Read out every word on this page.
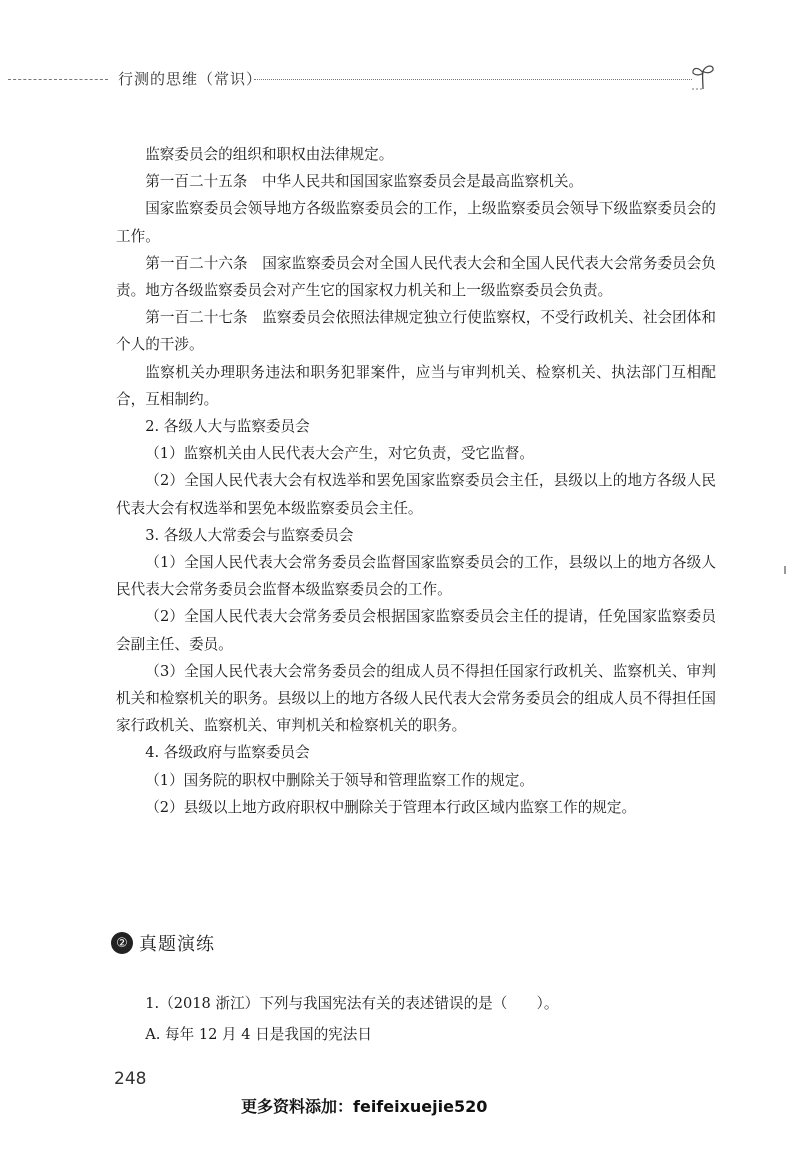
行测的思维（常识）

监察委员会的组织和职权由法律规定。

第一百二十五条　中华人民共和国国家监察委员会是最高监察机关。

国家监察委员会领导地方各级监察委员会的工作，上级监察委员会领导下级监察委员会的工作。

第一百二十六条　国家监察委员会对全国人民代表大会和全国人民代表大会常务委员会负责。地方各级监察委员会对产生它的国家权力机关和上一级监察委员会负责。

第一百二十七条　监察委员会依照法律规定独立行使监察权，不受行政机关、社会团体和个人的干涉。

监察机关办理职务违法和职务犯罪案件，应当与审判机关、检察机关、执法部门互相配合，互相制约。

2. 各级人大与监察委员会

（1）监察机关由人民代表大会产生，对它负责，受它监督。

（2）全国人民代表大会有权选举和罢免国家监察委员会主任，县级以上的地方各级人民代表大会有权选举和罢免本级监察委员会主任。

3. 各级人大常委会与监察委员会

（1）全国人民代表大会常务委员会监督国家监察委员会的工作，县级以上的地方各级人民代表大会常务委员会监督本级监察委员会的工作。

（2）全国人民代表大会常务委员会根据国家监察委员会主任的提请，任免国家监察委员会副主任、委员。

（3）全国人民代表大会常务委员会的组成人员不得担任国家行政机关、监察机关、审判机关和检察机关的职务。县级以上的地方各级人民代表大会常务委员会的组成人员不得担任国家行政机关、监察机关、审判机关和检察机关的职务。

4. 各级政府与监察委员会

（1）国务院的职权中删除关于领导和管理监察工作的规定。

（2）县级以上地方政府职权中删除关于管理本行政区域内监察工作的规定。

② 真题演练

1.（2018 浙江）下列与我国宪法有关的表述错误的是（　　）。

A. 每年 12 月 4 日是我国的宪法日

248
更多资料添加：feifeixuejie520
